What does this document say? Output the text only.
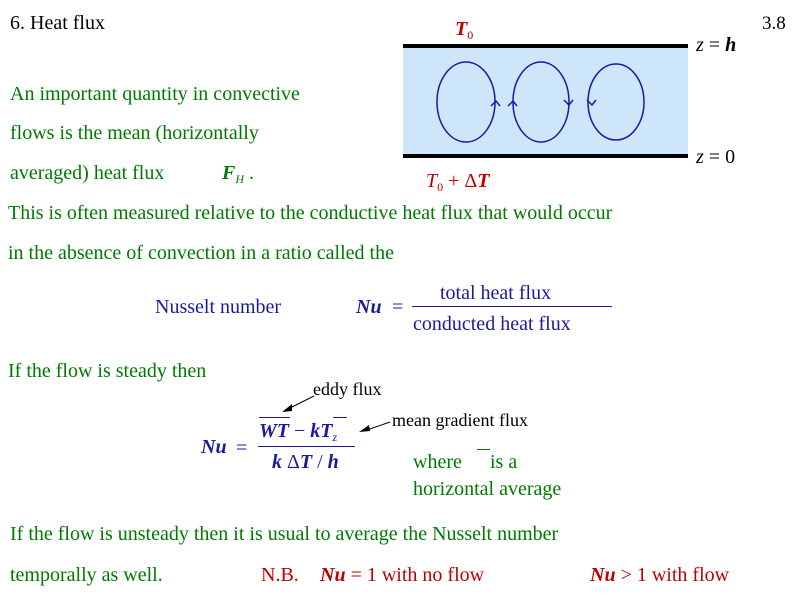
6. Heat flux	3.8
An important quantity in convective
flows is the mean (horizontally
averaged) heat flux	$F_H$ .
$T_0$	z = h
z = 0
$T_0 + \Delta T$
This is often measured relative to the conductive heat flux that would occur
in the absence of convection in a ratio called the
Nusselt number	Nu =
total heat flux
conducted heat flux
If the flow is steady then
eddy flux
mean gradient flux
Nu =
WT − $kT_z$
k ΔT / h	where is a
horizontal average
If the flow is unsteady then it is usual to average the Nusselt number
temporally as well.	N.B. Nu = 1 with no flow	Nu > 1 with flow
